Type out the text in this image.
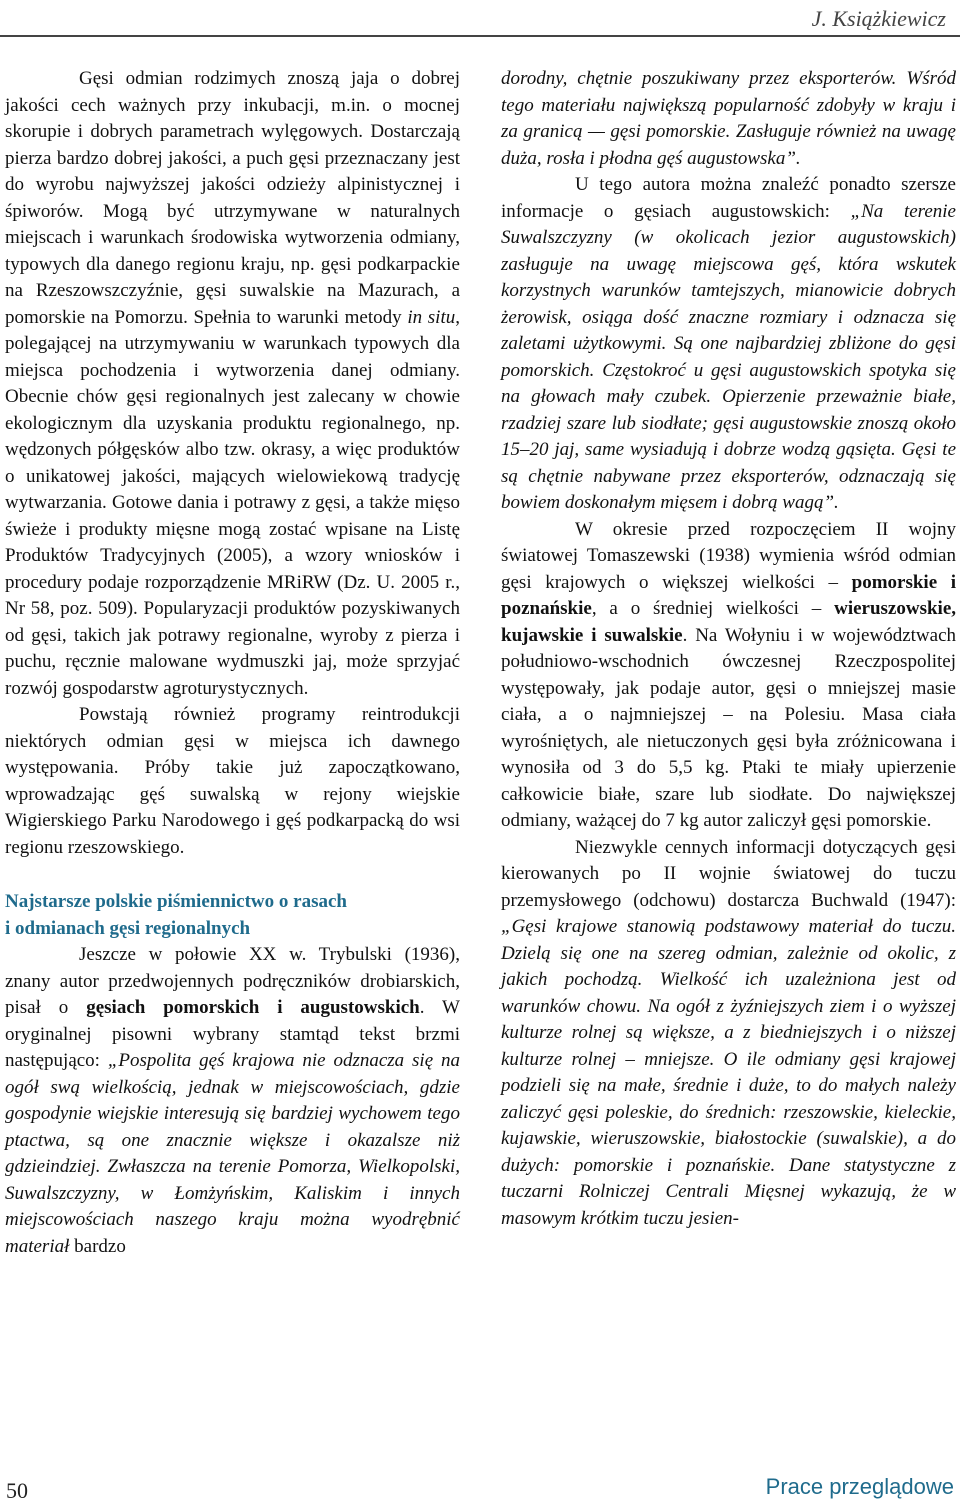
J. Książkiewicz

Gęsi odmian rodzimych znoszą jaja o dobrej jakości cech ważnych przy inkubacji, m.in. o mocnej skorupie i dobrych parametrach wylęgowych. Dostarczają pierza bardzo dobrej jakości, a puch gęsi przeznaczany jest do wyrobu najwyższej jakości odzieży alpinistycznej i śpiworów. Mogą być utrzymywane w naturalnych miejscach i warunkach środowiska wytworzenia odmiany, typowych dla danego regionu kraju, np. gęsi podkarpackie na Rzeszowszczyźnie, gęsi suwalskie na Mazurach, a pomorskie na Pomorzu. Spełnia to warunki metody in situ, polegającej na utrzymywaniu w warunkach typowych dla miejsca pochodzenia i wytworzenia danej odmiany. Obecnie chów gęsi regionalnych jest zalecany w chowie ekologicznym dla uzyskania produktu regionalnego, np. wędzonych półgęsków albo tzw. okrasy, a więc produktów o unikatowej jakości, mających wielowiekową tradycję wytwarzania. Gotowe dania i potrawy z gęsi, a także mięso świeże i produkty mięsne mogą zostać wpisane na Listę Produktów Tradycyjnych (2005), a wzory wniosków i procedury podaje rozporządzenie MRiRW (Dz. U. 2005 r., Nr 58, poz. 509). Popularyzacji produktów pozyskiwanych od gęsi, takich jak potrawy regionalne, wyroby z pierza i puchu, ręcznie malowane wydmuszki jaj, może sprzyjać rozwój gospodarstw agroturystycznych.

Powstają również programy reintrodukcji niektórych odmian gęsi w miejsca ich dawnego występowania. Próby takie już zapoczątkowano, wprowadzając gęś suwalską w rejony wiejskie Wigierskiego Parku Narodowego i gęś podkarpacką do wsi regionu rzeszowskiego.

Najstarsze polskie piśmiennictwo o rasach
i odmianach gęsi regionalnych

Jeszcze w połowie XX w. Trybulski (1936), znany autor przedwojennych podręczników drobiarskich, pisał o gęsiach pomorskich i augustowskich. W oryginalnej pisowni wybrany stamtąd tekst brzmi następująco: „Pospolita gęś krajowa nie odznacza się na ogół swą wielkością, jednak w miejscowościach, gdzie gospodynie wiejskie interesują się bardziej wychowem tego ptactwa, są one znacznie większe i okazalsze niż gdzieindziej. Zwłaszcza na terenie Pomorza, Wielkopolski, Suwalszczyzny, w Łomżyńskim, Kaliskim i innych miejscowościach naszego kraju można wyodrębnić materiał bardzo

dorodny, chętnie poszukiwany przez eksporterów. Wśród tego materiału największą popularność zdobyły w kraju i za granicą — gęsi pomorskie. Zasługuje również na uwagę duża, rosła i płodna gęś augustowska”.

U tego autora można znaleźć ponadto szersze informacje o gęsiach augustowskich: „Na terenie Suwalszczyzny (w okolicach jezior augustowskich) zasługuje na uwagę miejscowa gęś, która wskutek korzystnych warunków tamtejszych, mianowicie dobrych żerowisk, osiąga dość znaczne rozmiary i odznacza się zaletami użytkowymi. Są one najbardziej zbliżone do gęsi pomorskich. Częstokroć u gęsi augustowskich spotyka się na głowach mały czubek. Opierzenie przeważnie białe, rzadziej szare lub siodłate; gęsi augustowskie znoszą około 15–20 jaj, same wysiadują i dobrze wodzą gąsięta. Gęsi te są chętnie nabywane przez eksporterów, odznaczają się bowiem doskonałym mięsem i dobrą wagą”.

W okresie przed rozpoczęciem II wojny światowej Tomaszewski (1938) wymienia wśród odmian gęsi krajowych o większej wielkości – pomorskie i poznańskie, a o średniej wielkości – wieruszowskie, kujawskie i suwalskie. Na Wołyniu i w województwach południowo-wschodnich ówczesnej Rzeczpospolitej występowały, jak podaje autor, gęsi o mniejszej masie ciała, a o najmniejszej – na Polesiu. Masa ciała wyrośniętych, ale nietuczonych gęsi była zróżnicowana i wynosiła od 3 do 5,5 kg. Ptaki te miały upierzenie całkowicie białe, szare lub siodłate. Do największej odmiany, ważącej do 7 kg autor zaliczył gęsi pomorskie.

Niezwykle cennych informacji dotyczących gęsi kierowanych po II wojnie światowej do tuczu przemysłowego (odchowu) dostarcza Buchwald (1947): „Gęsi krajowe stanowią podstawowy materiał do tuczu. Dzielą się one na szereg odmian, zależnie od okolic, z jakich pochodzą. Wielkość ich uzależniona jest od warunków chowu. Na ogół z żyźniejszych ziem i o wyższej kulturze rolnej są większe, a z biedniejszych i o niższej kulturze rolnej – mniejsze. O ile odmiany gęsi krajowej podzieli się na małe, średnie i duże, to do małych należy zaliczyć gęsi poleskie, do średnich: rzeszowskie, kieleckie, kujawskie, wieruszowskie, białostockie (suwalskie), a do dużych: pomorskie i poznańskie. Dane statystyczne z tuczarni Rolniczej Centrali Mięsnej wykazują, że w masowym krótkim tuczu jesien-

50	Prace przeglądowe
